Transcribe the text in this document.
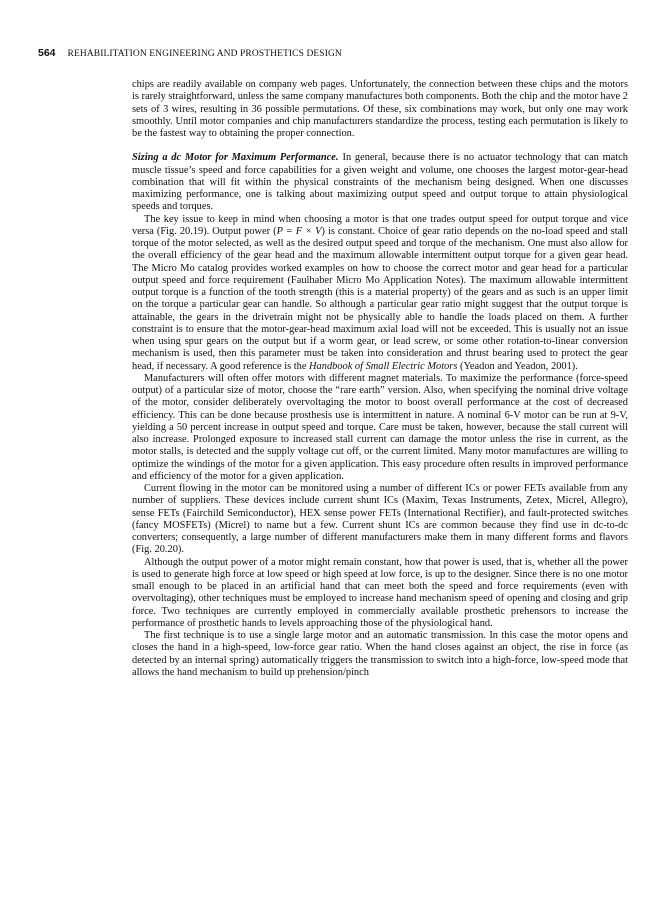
564 REHABILITATION ENGINEERING AND PROSTHETICS DESIGN

chips are readily available on company web pages. Unfortunately, the connection between these chips and the motors is rarely straightforward, unless the same company manufactures both components. Both the chip and the motor have 2 sets of 3 wires, resulting in 36 possible permutations. Of these, six combinations may work, but only one may work smoothly. Until motor companies and chip manufacturers standardize the process, testing each permutation is likely to be the fastest way to obtaining the proper connection.

Sizing a dc Motor for Maximum Performance. In general, because there is no actuator technology that can match muscle tissue’s speed and force capabilities for a given weight and volume, one chooses the largest motor-gear-head combination that will fit within the physical constraints of the mechanism being designed. When one discusses maximizing performance, one is talking about maximizing output speed and output torque to attain physiological speeds and torques.

The key issue to keep in mind when choosing a motor is that one trades output speed for output torque and vice versa (Fig. 20.19). Output power (P = F × V) is constant. Choice of gear ratio depends on the no-load speed and stall torque of the motor selected, as well as the desired output speed and torque of the mechanism. One must also allow for the overall efficiency of the gear head and the maximum allowable intermittent output torque for a given gear head. The Micro Mo catalog provides worked examples on how to choose the correct motor and gear head for a particular output speed and force requirement (Faulhaber Micro Mo Application Notes). The maximum allowable intermittent output torque is a function of the tooth strength (this is a material property) of the gears and as such is an upper limit on the torque a particular gear can handle. So although a particular gear ratio might suggest that the output torque is attainable, the gears in the drivetrain might not be physically able to handle the loads placed on them. A further constraint is to ensure that the motor-gear-head maximum axial load will not be exceeded. This is usually not an issue when using spur gears on the output but if a worm gear, or lead screw, or some other rotation-to-linear conversion mechanism is used, then this parameter must be taken into consideration and thrust bearing used to protect the gear head, if necessary. A good reference is the Handbook of Small Electric Motors (Yeadon and Yeadon, 2001).

Manufacturers will often offer motors with different magnet materials. To maximize the performance (force-speed output) of a particular size of motor, choose the “rare earth” version. Also, when specifying the nominal drive voltage of the motor, consider deliberately overvoltaging the motor to boost overall performance at the cost of decreased efficiency. This can be done because prosthesis use is intermittent in nature. A nominal 6-V motor can be run at 9-V, yielding a 50 percent increase in output speed and torque. Care must be taken, however, because the stall current will also increase. Prolonged exposure to increased stall current can damage the motor unless the rise in current, as the motor stalls, is detected and the supply voltage cut off, or the current limited. Many motor manufactures are willing to optimize the windings of the motor for a given application. This easy procedure often results in improved performance and efficiency of the motor for a given application.

Current flowing in the motor can be monitored using a number of different ICs or power FETs available from any number of suppliers. These devices include current shunt ICs (Maxim, Texas Instruments, Zetex, Micrel, Allegro), sense FETs (Fairchild Semiconductor), HEX sense power FETs (International Rectifier), and fault-protected switches (fancy MOSFETs) (Micrel) to name but a few. Current shunt ICs are common because they find use in dc-to-dc converters; consequently, a large number of different manufacturers make them in many different forms and flavors (Fig. 20.20).

Although the output power of a motor might remain constant, how that power is used, that is, whether all the power is used to generate high force at low speed or high speed at low force, is up to the designer. Since there is no one motor small enough to be placed in an artificial hand that can meet both the speed and force requirements (even with overvoltaging), other techniques must be employed to increase hand mechanism speed of opening and closing and grip force. Two techniques are currently employed in commercially available prosthetic prehensors to increase the performance of prosthetic hands to levels approaching those of the physiological hand.

The first technique is to use a single large motor and an automatic transmission. In this case the motor opens and closes the hand in a high-speed, low-force gear ratio. When the hand closes against an object, the rise in force (as detected by an internal spring) automatically triggers the transmission to switch into a high-force, low-speed mode that allows the hand mechanism to build up prehension/pinch
